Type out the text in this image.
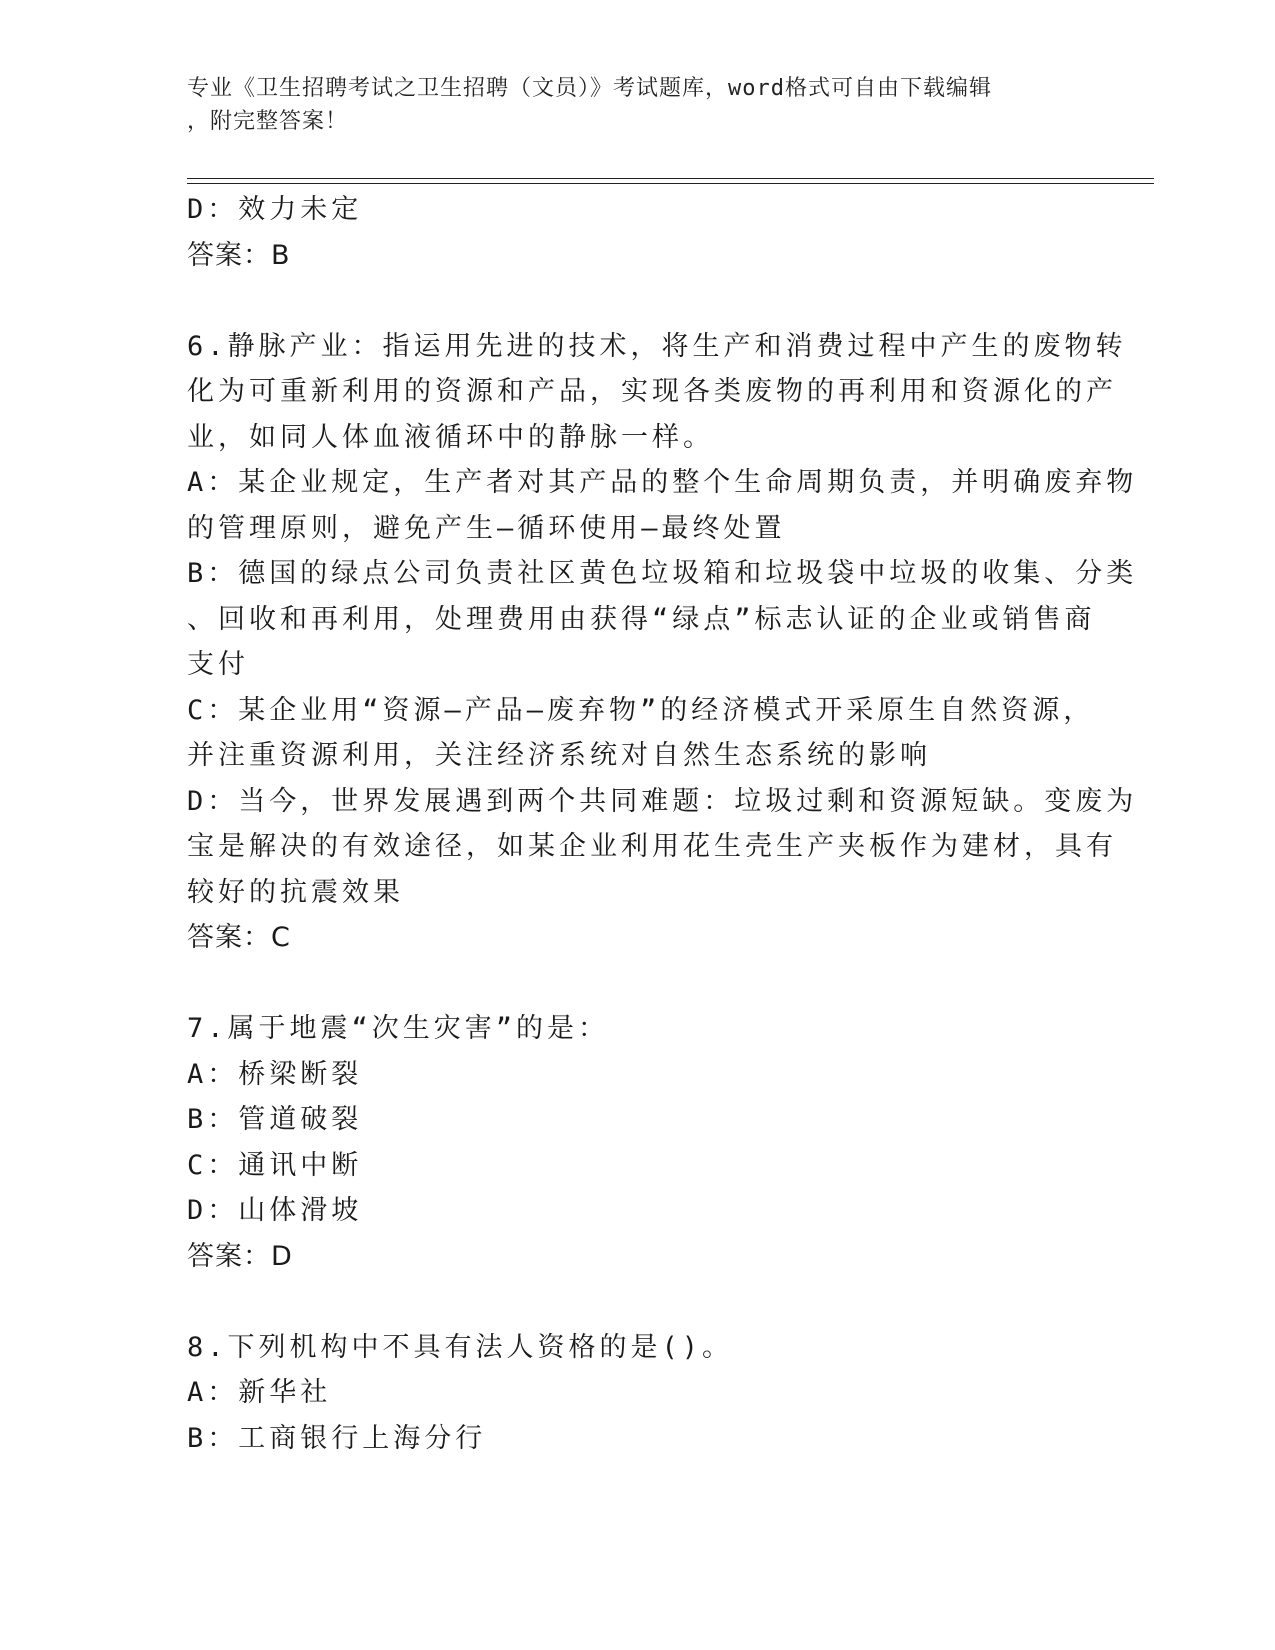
专业《卫生招聘考试之卫生招聘（文员）》考试题库，word格式可自由下载编辑
，附完整答案！
D：效力未定
答案：B
6.静脉产业：指运用先进的技术，将生产和消费过程中产生的废物转
化为可重新利用的资源和产品，实现各类废物的再利用和资源化的产
业，如同人体血液循环中的静脉一样。
A：某企业规定，生产者对其产品的整个生命周期负责，并明确废弃物
的管理原则，避免产生—循环使用—最终处置
B：德国的绿点公司负责社区黄色垃圾箱和垃圾袋中垃圾的收集、分类
、回收和再利用，处理费用由获得“绿点”标志认证的企业或销售商
支付
C：某企业用“资源—产品—废弃物”的经济模式开采原生自然资源，
并注重资源利用，关注经济系统对自然生态系统的影响
D：当今，世界发展遇到两个共同难题：垃圾过剩和资源短缺。变废为
宝是解决的有效途径，如某企业利用花生壳生产夹板作为建材，具有
较好的抗震效果
答案：C
7.属于地震“次生灾害”的是：
A：桥梁断裂
B：管道破裂
C：通讯中断
D：山体滑坡
答案：D
8.下列机构中不具有法人资格的是()。
A：新华社
B：工商银行上海分行
